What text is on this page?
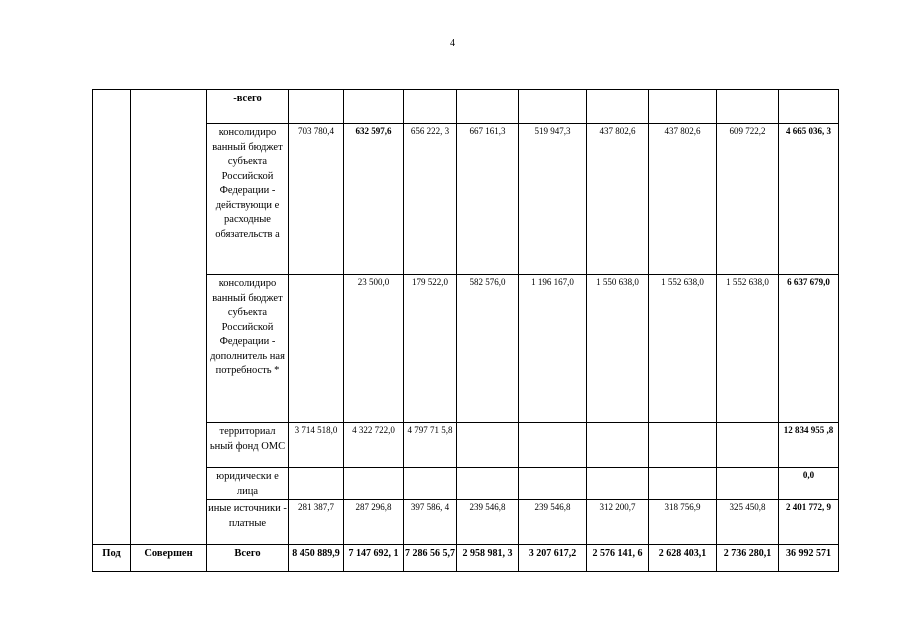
4
		-всего									
		консолидиро ванный бюджет субъекта Российской Федерации - действующи е расходные обязательств а	703 780,4	632 597,6	656 222, 3	667 161,3	519 947,3	437 802,6	437 802,6	609 722,2	4 665 036, 3
		консолидиро ванный бюджет субъекта Российской Федерации - дополнитель ная потребность *		23 500,0	179 522,0	582 576,0	1 196 167,0	1 550 638,0	1 552 638,0	1 552 638,0	6 637 679,0
		территориал ьный фонд ОМС	3 714 518,0	4 322 722,0	4 797 71 5,8						12 834 955 ,8
		юридически е лица									0,0
		иные источники - платные	281 387,7	287 296,8	397 586, 4	239 546,8	239 546,8	312 200,7	318 756,9	325 450,8	2 401 772, 9
Под	Совершен	Всего	8 450 889,9	7 147 692, 1	7 286 56 5,7	2 958 981, 3	3 207 617,2	2 576 141, 6	2 628 403,1	2 736 280,1	36 992 571
